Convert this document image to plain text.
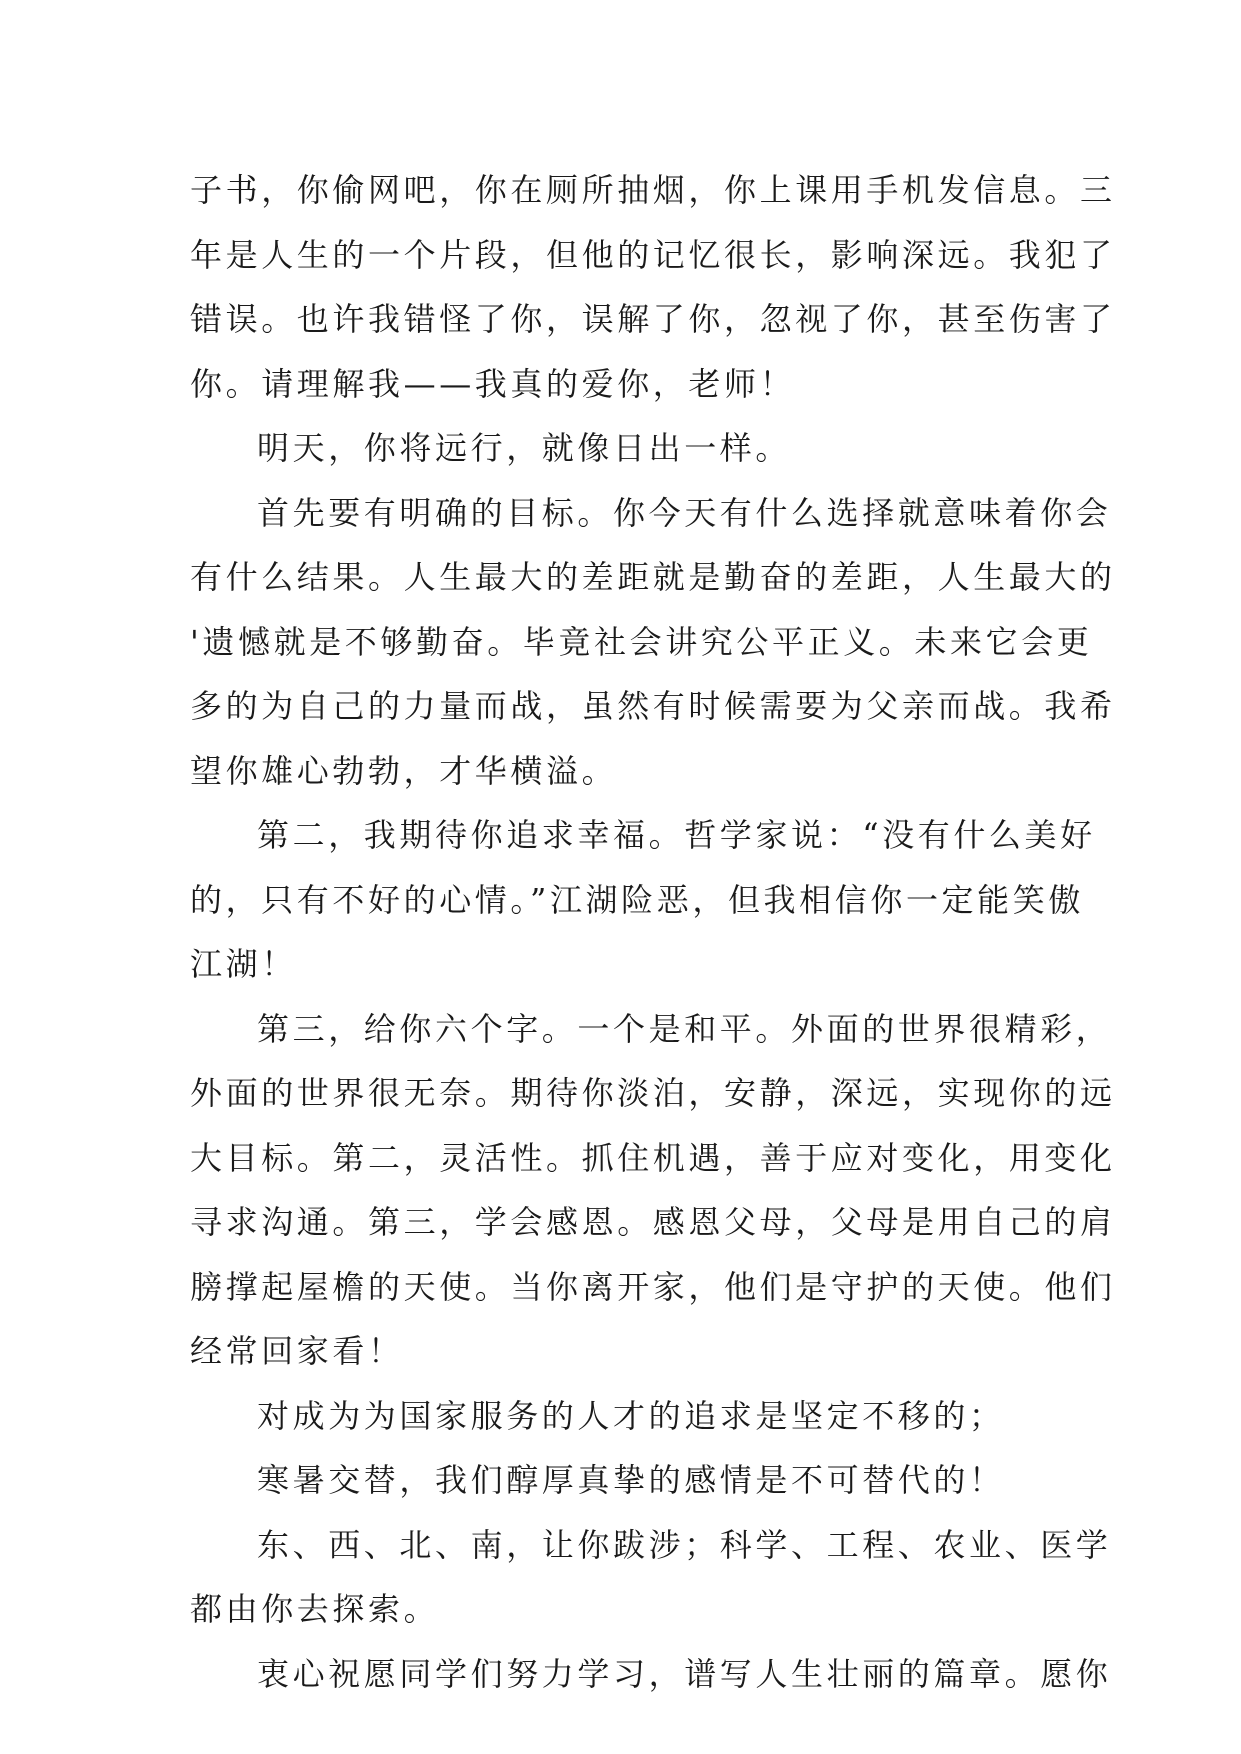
子书，你偷网吧，你在厕所抽烟，你上课用手机发信息。三
年是人生的一个片段，但他的记忆很长，影响深远。我犯了
错误。也许我错怪了你，误解了你，忽视了你，甚至伤害了
你。请理解我——我真的爱你，老师！
明天，你将远行，就像日出一样。
首先要有明确的目标。你今天有什么选择就意味着你会
有什么结果。人生最大的差距就是勤奋的差距，人生最大的
'遗憾就是不够勤奋。毕竟社会讲究公平正义。未来它会更
多的为自己的力量而战，虽然有时候需要为父亲而战。我希
望你雄心勃勃，才华横溢。
第二，我期待你追求幸福。哲学家说：“没有什么美好
的，只有不好的心情。”江湖险恶，但我相信你一定能笑傲
江湖！
第三，给你六个字。一个是和平。外面的世界很精彩，
外面的世界很无奈。期待你淡泊，安静，深远，实现你的远
大目标。第二，灵活性。抓住机遇，善于应对变化，用变化
寻求沟通。第三，学会感恩。感恩父母，父母是用自己的肩
膀撑起屋檐的天使。当你离开家，他们是守护的天使。他们
经常回家看！
对成为为国家服务的人才的追求是坚定不移的；
寒暑交替，我们醇厚真挚的感情是不可替代的！
东、西、北、南，让你跋涉；科学、工程、农业、医学
都由你去探索。
衷心祝愿同学们努力学习，谱写人生壮丽的篇章。愿你
